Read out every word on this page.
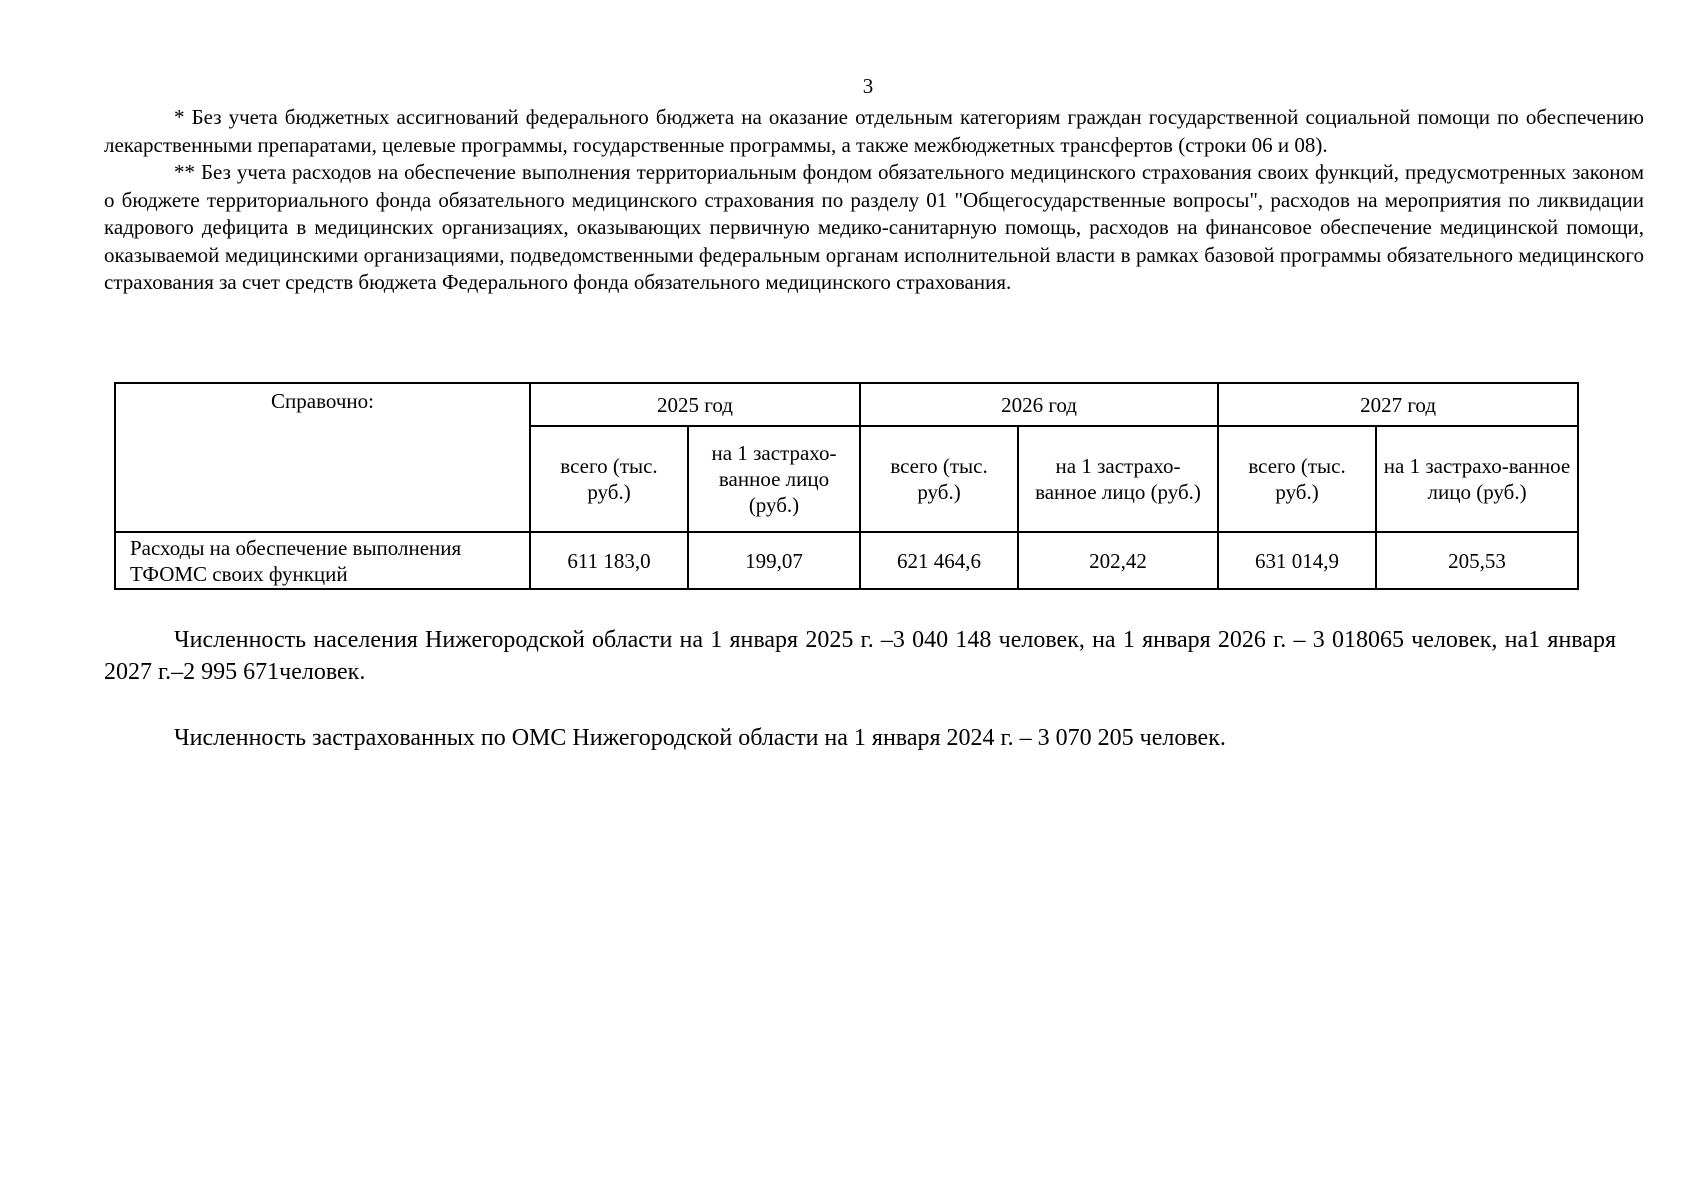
3

* Без учета бюджетных ассигнований федерального бюджета на оказание отдельным категориям граждан государственной социальной помощи по обеспечению лекарственными препаратами, целевые программы, государственные программы, а также межбюджетных трансфертов (строки 06 и 08).

** Без учета расходов на обеспечение выполнения территориальным фондом обязательного медицинского страхования своих функций, предусмотренных законом о бюджете территориального фонда обязательного медицинского страхования по разделу 01 "Общегосударственные вопросы", расходов на мероприятия по ликвидации кадрового дефицита в медицинских организациях, оказывающих первичную медико-санитарную помощь, расходов на финансовое обеспечение медицинской помощи, оказываемой медицинскими организациями, подведомственными федеральным органам исполнительной власти в рамках базовой программы обязательного медицинского страхования за счет средств бюджета Федерального фонда обязательного медицинского страхования.

Справочно:	2025 год		2026 год		2027 год	
	всего (тыс. руб.)	на 1 застрахо-ванное лицо (руб.)	всего (тыс. руб.)	на 1 застрахо-ванное лицо (руб.)	всего (тыс. руб.)	на 1 застрахо-ванное лицо (руб.)
Расходы на обеспечение выполнения ТФОМС своих функций	611 183,0	199,07	621 464,6	202,42	631 014,9	205,53

Численность населения Нижегородской области на 1 января 2025 г. –3 040 148 человек, на 1 января 2026 г. – 3 018065 человек, на1 января 2027 г.–2 995 671человек.

Численность застрахованных по ОМС Нижегородской области на 1 января 2024 г. – 3 070 205 человек.
